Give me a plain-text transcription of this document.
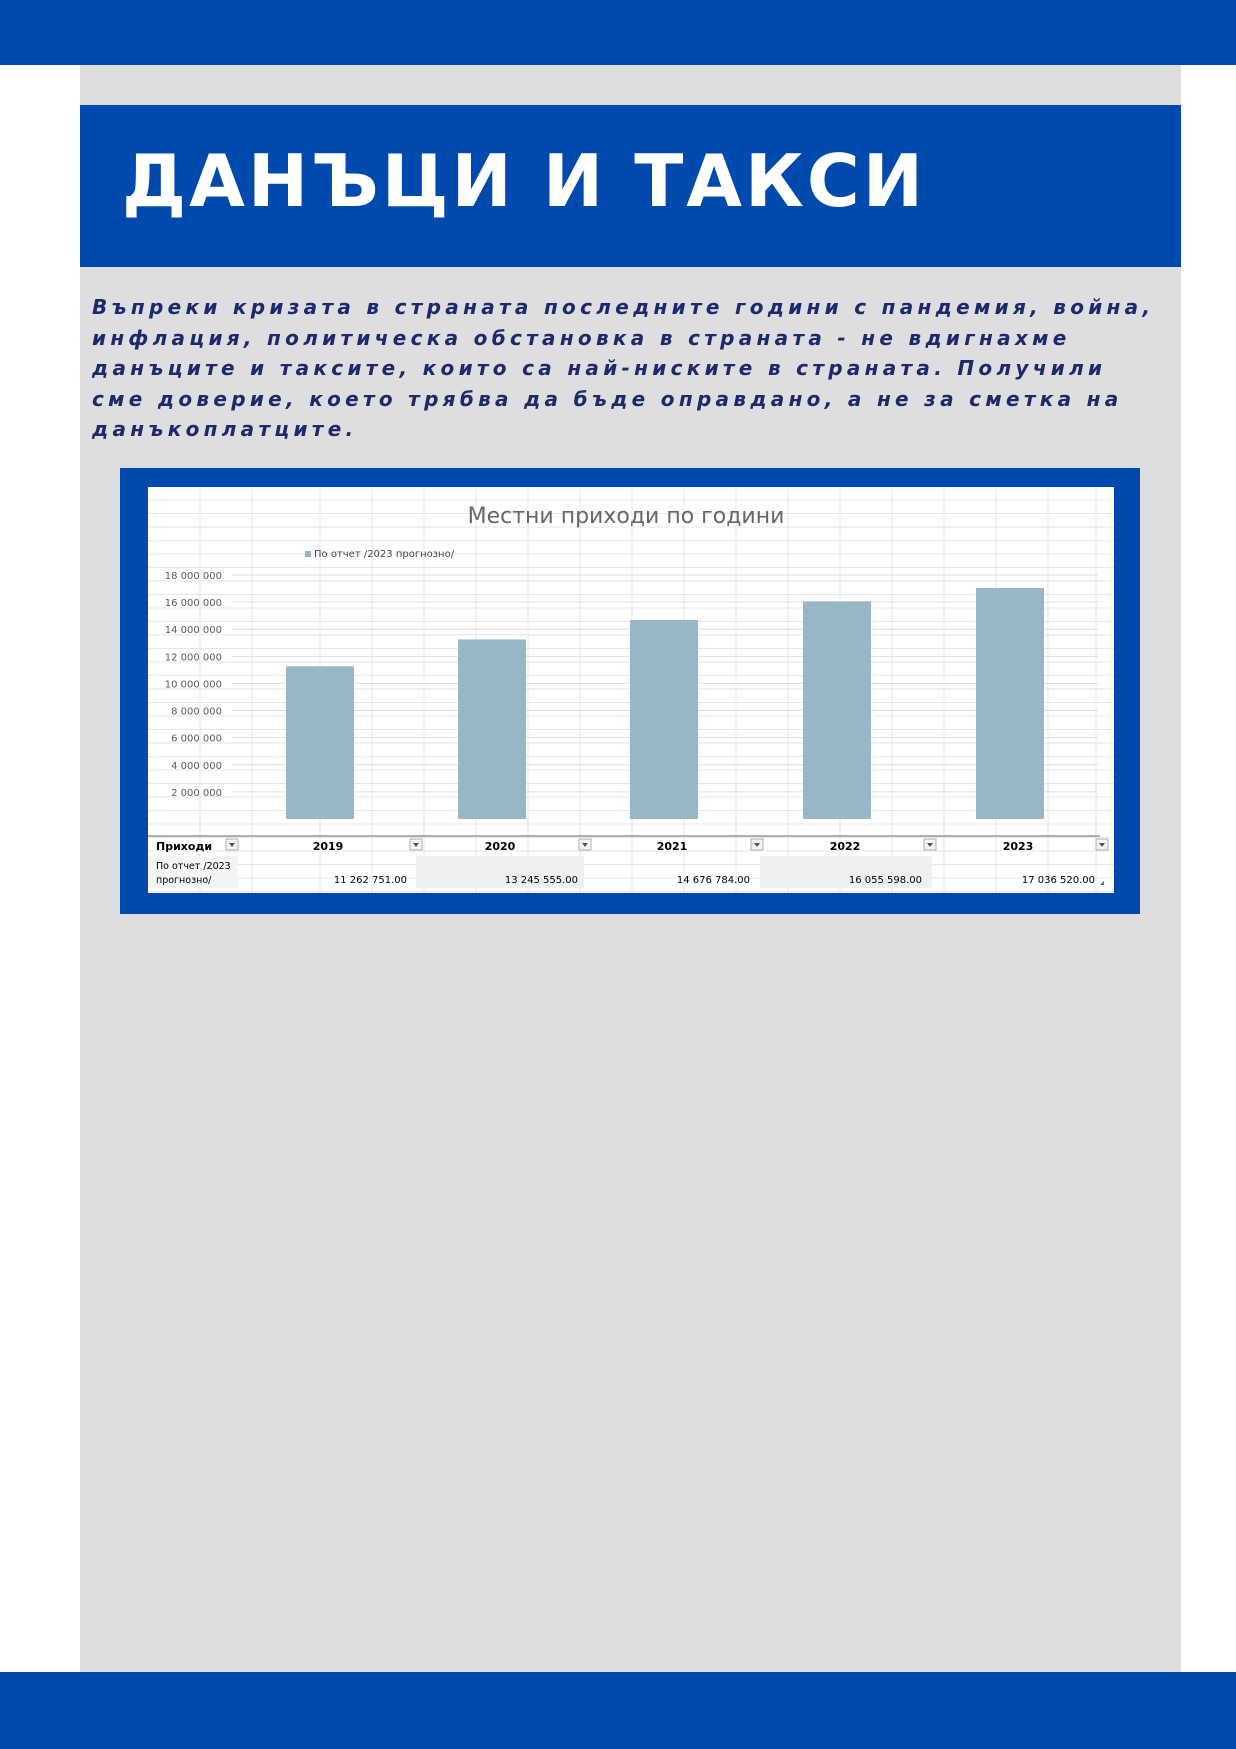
ДАНЪЦИ И ТАКСИ

Въпреки кризата в страната последните години с пандемия, война, инфлация, политическа обстановка в страната - не вдигнахме данъците и таксите, които са най-ниските в страната. Получили сме доверие, което трябва да бъде оправдано, а не за сметка на данъкоплатците.

Местни приходи по години
По отчет /2023 прогнозно/
2 000 000
4 000 000
6 000 000
8 000 000
10 000 000
12 000 000
14 000 000
16 000 000
18 000 000
Приходи	2019	2020	2021	2022	2023
По отчет /2023
прогнозно/	11 262 751.00	13 245 555.00	14 676 784.00	16 055 598.00	17 036 520.00
